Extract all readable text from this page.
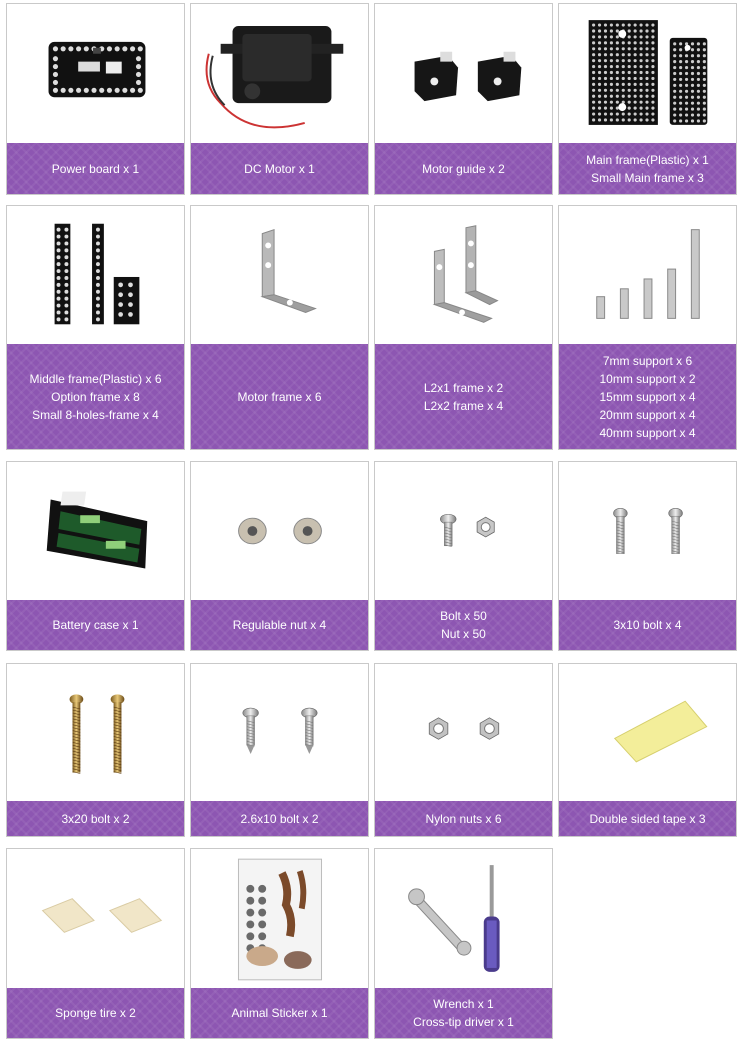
Power board x 1	DC Motor x 1	Motor guide x 2
Main frame(Plastic) x 1
Small Main frame x 3
Middle frame(Plastic) x 6
Option frame x 8
Small 8-holes-frame x 4
Motor frame x 6
L2x1 frame x 2
L2x2 frame x 4
7mm support x 6
10mm support x 2
15mm support x 4
20mm support x 4
40mm support x 4
Battery case x 1	Regulable nut x 4
Bolt x 50
Nut x 50
3x10 bolt x 4
3x20 bolt x 2	2.6x10 bolt x 2	Nylon nuts x 6	Double sided tape x 3
Sponge tire x 2	Animal Sticker x 1
Wrench x 1
Cross-tip driver x 1
